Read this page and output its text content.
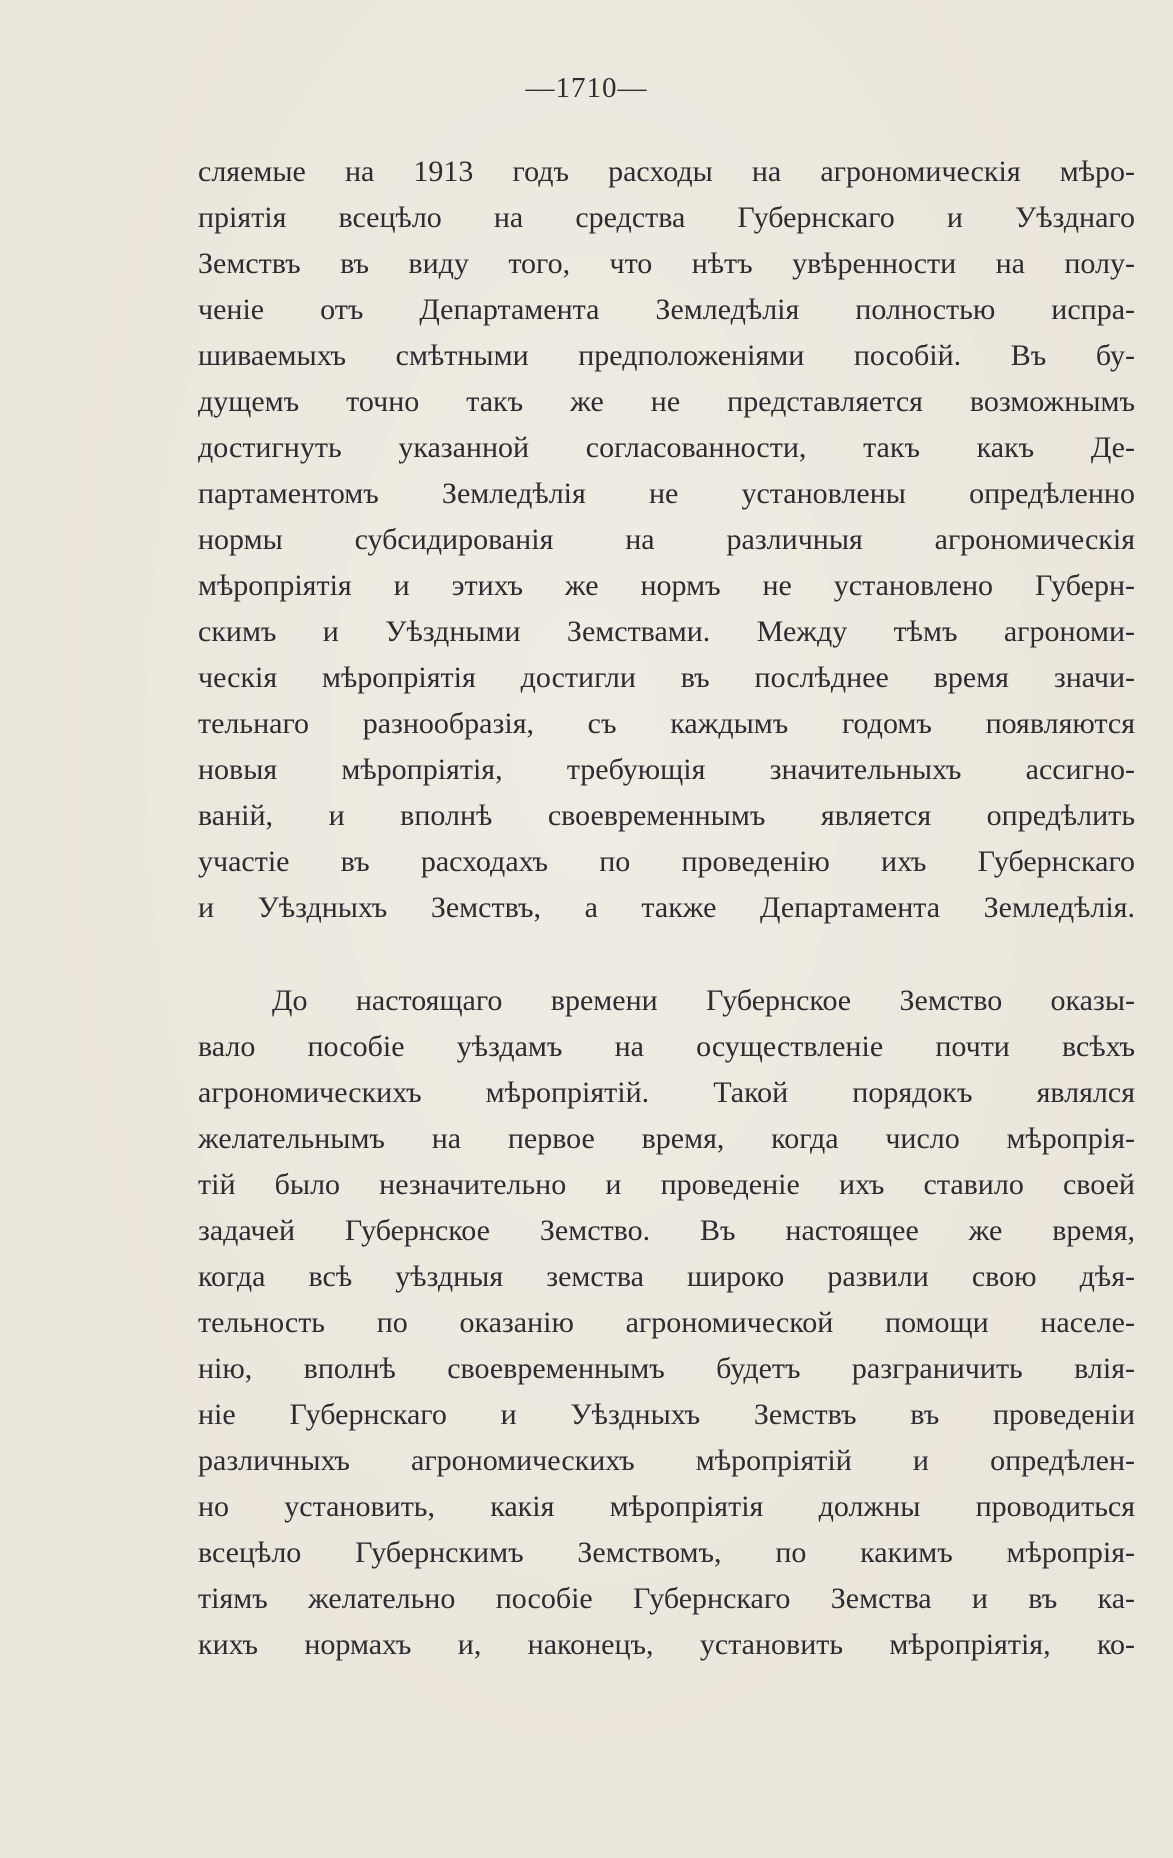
—1710—
сляемые на 1913 годъ расходы на агрономическія мѣро-
пріятія всецѣло на средства Губернскаго и Уѣзднаго
Земствъ въ виду того, что нѣтъ увѣренности на полу-
ченіе отъ Департамента Земледѣлія полностью испра-
шиваемыхъ смѣтными предположеніями пособій. Въ бу-
дущемъ точно такъ же не представляется возможнымъ
достигнуть указанной согласованности, такъ какъ Де-
партаментомъ Земледѣлія не установлены опредѣленно
нормы субсидированія на различныя агрономическія
мѣропріятія и этихъ же нормъ не установлено Губерн-
скимъ и Уѣздными Земствами. Между тѣмъ агрономи-
ческія мѣропріятія достигли въ послѣднее время значи-
тельнаго разнообразія, съ каждымъ годомъ появляются
новыя мѣропріятія, требующія значительныхъ ассигно-
ваній, и вполнѣ своевременнымъ является опредѣлить
участіе въ расходахъ по проведенію ихъ Губернскаго
и Уѣздныхъ Земствъ, а также Департамента Земледѣлія.
До настоящаго времени Губернское Земство оказы-
вало пособіе уѣздамъ на осуществленіе почти всѣхъ
агрономическихъ мѣропріятій. Такой порядокъ являлся
желательнымъ на первое время, когда число мѣропрія-
тій было незначительно и проведеніе ихъ ставило своей
задачей Губернское Земство. Въ настоящее же время,
когда всѣ уѣздныя земства широко развили свою дѣя-
тельность по оказанію агрономической помощи населе-
нію, вполнѣ своевременнымъ будетъ разграничить влія-
ніе Губернскаго и Уѣздныхъ Земствъ въ проведеніи
различныхъ агрономическихъ мѣропріятій и опредѣлен-
но установить, какія мѣропріятія должны проводиться
всецѣло Губернскимъ Земствомъ, по какимъ мѣропрія-
тіямъ желательно пособіе Губернскаго Земства и въ ка-
кихъ нормахъ и, наконецъ, установить мѣропріятія, ко-
